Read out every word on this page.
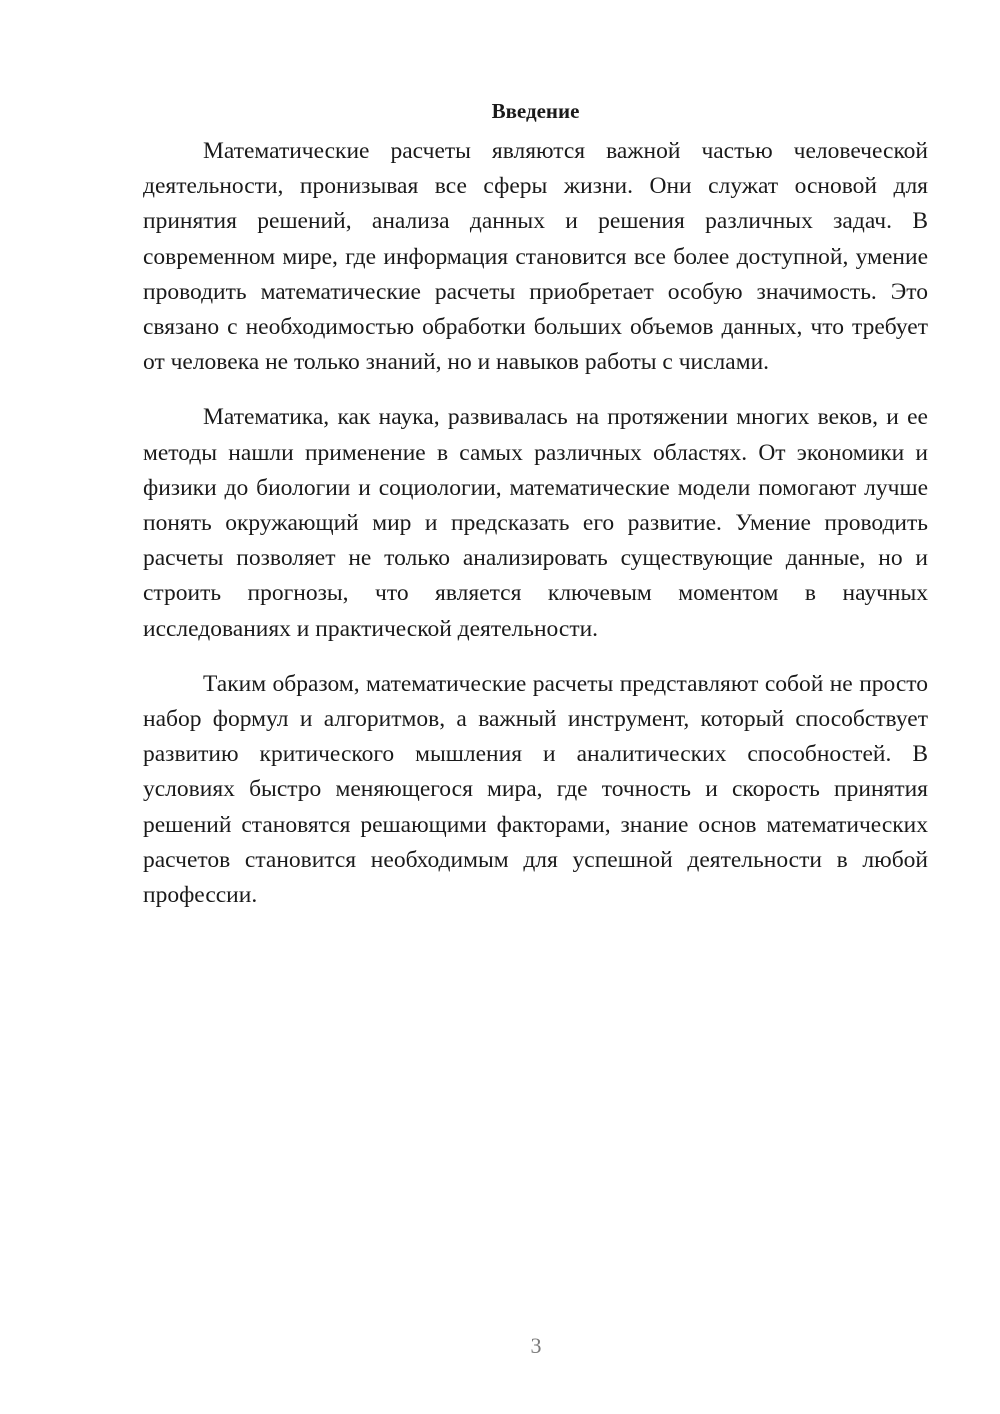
Введение

Математические расчеты являются важной частью человеческой деятельности, пронизывая все сферы жизни. Они служат основой для принятия решений, анализа данных и решения различных задач. В современном мире, где информация становится все более доступной, умение проводить математические расчеты приобретает особую значимость. Это связано с необходимостью обработки больших объемов данных, что требует от человека не только знаний, но и навыков работы с числами.

Математика, как наука, развивалась на протяжении многих веков, и ее методы нашли применение в самых различных областях. От экономики и физики до биологии и социологии, математические модели помогают лучше понять окружающий мир и предсказать его развитие. Умение проводить расчеты позволяет не только анализировать существующие данные, но и строить прогнозы, что является ключевым моментом в научных исследованиях и практической деятельности.

Таким образом, математические расчеты представляют собой не просто набор формул и алгоритмов, а важный инструмент, который способствует развитию критического мышления и аналитических способностей. В условиях быстро меняющегося мира, где точность и скорость принятия решений становятся решающими факторами, знание основ математических расчетов становится необходимым для успешной деятельности в любой профессии.

3
